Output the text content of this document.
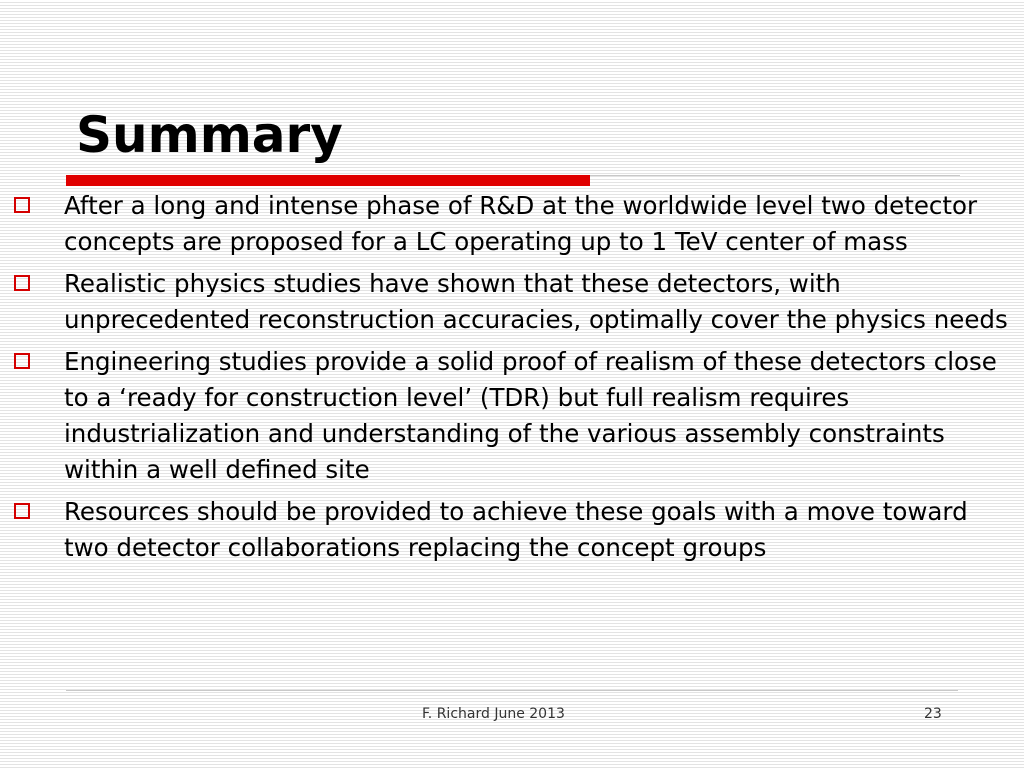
Summary
After a long and intense phase of R&D at the worldwide level two detector concepts are proposed for a LC operating up to 1 TeV center of mass
Realistic physics studies have shown that these detectors, with unprecedented reconstruction accuracies, optimally cover the physics needs
Engineering studies provide a solid proof of realism of these detectors close to a ‘ready for construction level’ (TDR) but full realism requires industrialization and understanding of the various assembly constraints within a well defined site
Resources should be provided to achieve these goals with a move toward two detector collaborations replacing the concept groups
F. Richard June 2013	23
